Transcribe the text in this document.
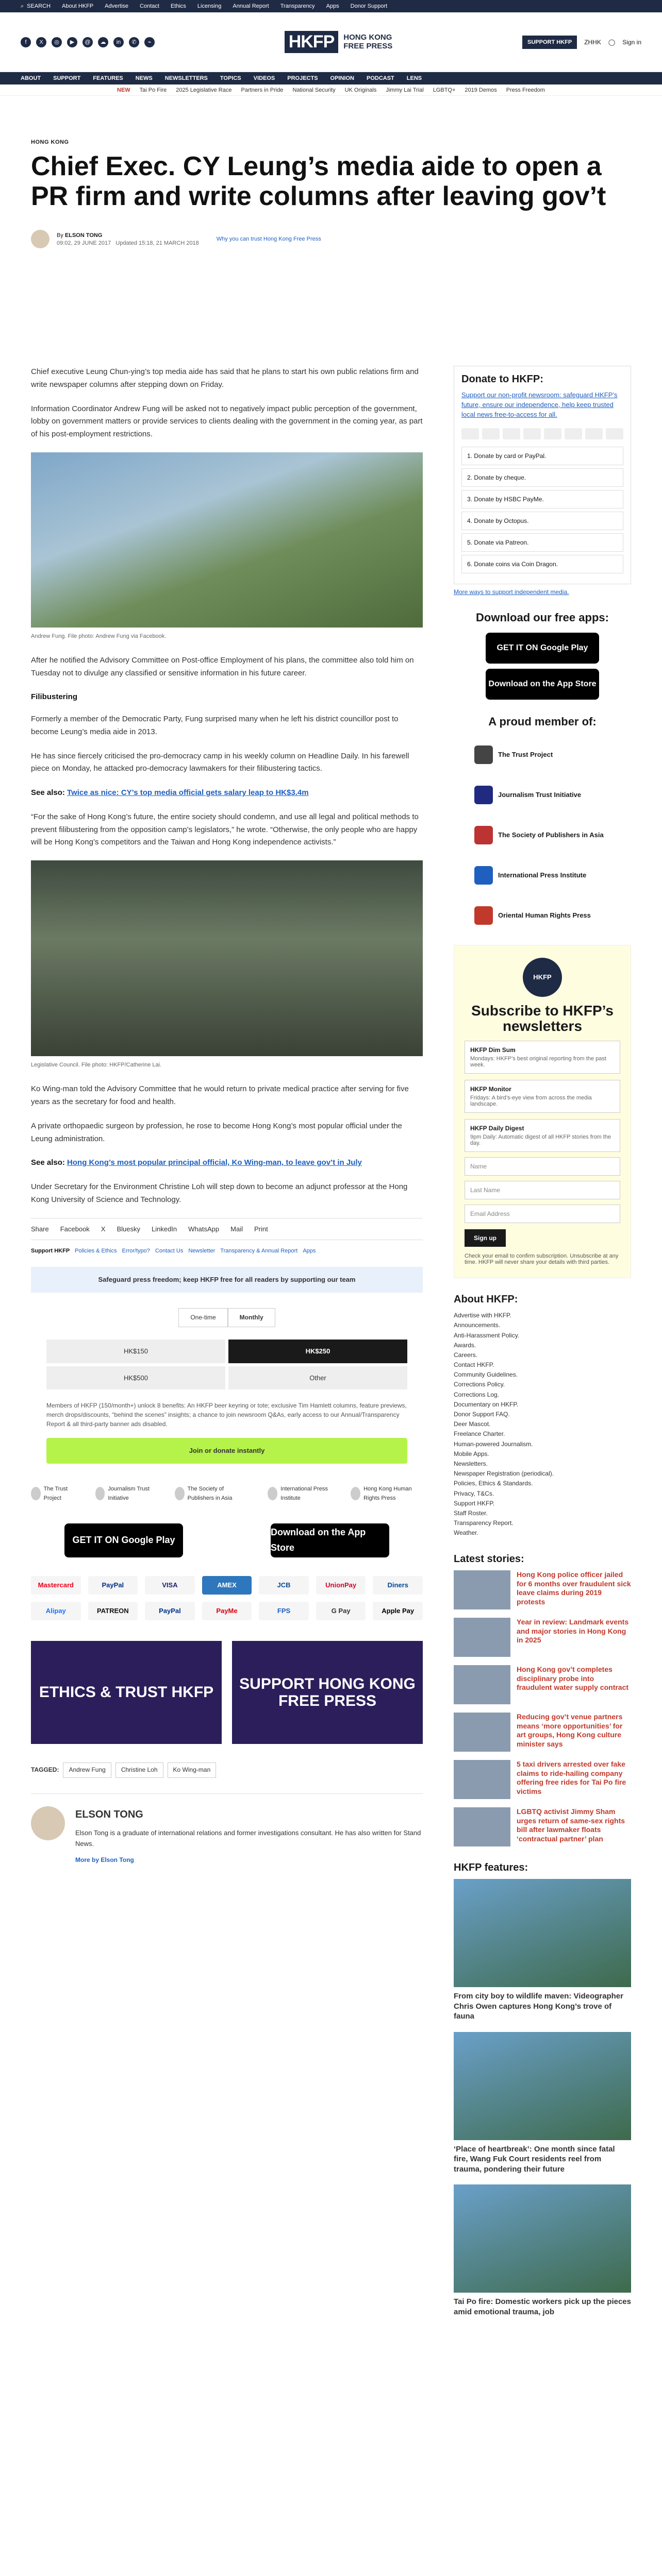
⌕ SEARCH About HKFP Advertise Contact Ethics Licensing Annual Report Transparency Apps Donor Support
f	X	◎	▶	@	☁	in	✆	⌁	HKFP	HONG KONG
FREE PRESS	SUPPORT HKFP	ZHHK ◯ Sign in
ABOUT SUPPORT FEATURES NEWS NEWSLETTERS TOPICS VIDEOS PROJECTS OPINION PODCAST LENS
NEW Tai Po Fire 2025 Legislative Race Partners in Pride National Security UK Originals Jimmy Lai Trial LGBTQ+ 2019 Demos Press Freedom
HONG KONG
Chief Exec. CY Leung’s media aide to open a PR firm and write columns after leaving gov’t
By ELSON TONG
09:02, 29 JUNE 2017 Updated 15:18, 21 MARCH 2018
Why you can trust Hong Kong Free Press

Chief executive Leung Chun-ying’s top media aide has said that he plans to start his own public relations firm and write newspaper columns after stepping down on Friday.

Information Coordinator Andrew Fung will be asked not to negatively impact public perception of the government, lobby on government matters or provide services to clients dealing with the government in the coming year, as part of his post-employment restrictions.

Andrew Fung. File photo: Andrew Fung via Facebook.

After he notified the Advisory Committee on Post-office Employment of his plans, the committee also told him on Tuesday not to divulge any classified or sensitive information in his future career.

Filibustering

Formerly a member of the Democratic Party, Fung surprised many when he left his district councillor post to become Leung’s media aide in 2013.

He has since fiercely criticised the pro-democracy camp in his weekly column on Headline Daily. In his farewell piece on Monday, he attacked pro-democracy lawmakers for their filibustering tactics.

See also: Twice as nice: CY’s top media official gets salary leap to HK$3.4m

“For the sake of Hong Kong’s future, the entire society should condemn, and use all legal and political methods to prevent filibustering from the opposition camp’s legislators,” he wrote. “Otherwise, the only people who are happy will be Hong Kong’s competitors and the Taiwan and Hong Kong independence activists.”

Legislative Council. File photo: HKFP/Catherine Lai.

Ko Wing-man told the Advisory Committee that he would return to private medical practice after serving for five years as the secretary for food and health.

A private orthopaedic surgeon by profession, he rose to become Hong Kong’s most popular official under the Leung administration.

See also: Hong Kong’s most popular principal official, Ko Wing-man, to leave gov’t in July

Under Secretary for the Environment Christine Loh will step down to become an adjunct professor at the Hong Kong University of Science and Technology.

Share Facebook X Bluesky LinkedIn WhatsApp Mail Print
Support HKFP Policies & Ethics Error/typo? Contact Us Newsletter Transparency & Annual Report Apps
Safeguard press freedom; keep HKFP free for all readers by supporting our team
One-time	Monthly
HK$150	HK$250
HK$500	Other
Members of HKFP (150/month+) unlock 8 benefits: An HKFP beer keyring or tote; exclusive Tim Hamlett columns, feature previews, merch drops/discounts, “behind the scenes” insights; a chance to join newsroom Q&As, early access to our Annual/Transparency Report & all third-party banner ads disabled.
Join or donate instantly
The Trust Project
Journalism Trust Initiative
The Society of Publishers in Asia
International Press Institute
Hong Kong Human Rights Press
GET IT ON Google Play
Download on the App Store
Mastercard	PayPal	VISA	AMEX	JCB	UnionPay	Diners
Alipay	PATREON	PayPal	PayMe	FPS	G Pay	Apple Pay
ETHICS & TRUST HKFP	SUPPORT HONG KONG FREE PRESS
TAGGED:	Andrew Fung	Christine Loh	Ko Wing-man
ELSON TONG

Elson Tong is a graduate of international relations and former investigations consultant. He has also written for Stand News.

More by Elson Tong
Donate to HKFP:
Support our non-profit newsroom: safeguard HKFP’s future, ensure our independence, help keep trusted local news free-to-access for all.
1. Donate by card or PayPal.
2. Donate by cheque.
3. Donate by HSBC PayMe.
4. Donate by Octopus.
5. Donate via Patreon.
6. Donate coins via Coin Dragon.
More ways to support independent media.
Download our free apps:
GET IT ON Google Play
Download on the App Store
A proud member of:
The Trust Project
Journalism Trust Initiative
The Society of Publishers in Asia
International Press Institute
Oriental Human Rights Press
HKFP
Subscribe to HKFP’s newsletters
HKFP Dim Sum
Mondays: HKFP’s best original reporting from the past week.
HKFP Monitor
Fridays: A bird’s-eye view from across the media landscape.
HKFP Daily Digest
9pm Daily: Automatic digest of all HKFP stories from the day.
Name
Last Name
Email Address
Sign up
Check your email to confirm subscription. Unsubscribe at any time. HKFP will never share your details with third parties.
About HKFP:
Advertise with HKFP.
Announcements.
Anti-Harassment Policy.
Awards.
Careers.
Contact HKFP.
Community Guidelines.
Corrections Policy.
Corrections Log.
Documentary on HKFP.
Donor Support FAQ.
Deer Mascot.
Freelance Charter.
Human-powered Journalism.
Mobile Apps.
Newsletters.
Newspaper Registration (periodical).
Policies, Ethics & Standards.
Privacy, T&Cs.
Support HKFP.
Staff Roster.
Transparency Report.
Weather.
Latest stories:
Hong Kong police officer jailed for 6 months over fraudulent sick leave claims during 2019 protests
Year in review: Landmark events and major stories in Hong Kong in 2025
Hong Kong gov’t completes disciplinary probe into fraudulent water supply contract
Reducing gov’t venue partners means ‘more opportunities’ for art groups, Hong Kong culture minister says
5 taxi drivers arrested over fake claims to ride-hailing company offering free rides for Tai Po fire victims
LGBTQ activist Jimmy Sham urges return of same-sex rights bill after lawmaker floats ‘contractual partner’ plan
HKFP features:
From city boy to wildlife maven: Videographer Chris Owen captures Hong Kong’s trove of fauna
‘Place of heartbreak’: One month since fatal fire, Wang Fuk Court residents reel from trauma, pondering their future
Tai Po fire: Domestic workers pick up the pieces amid emotional trauma, job
